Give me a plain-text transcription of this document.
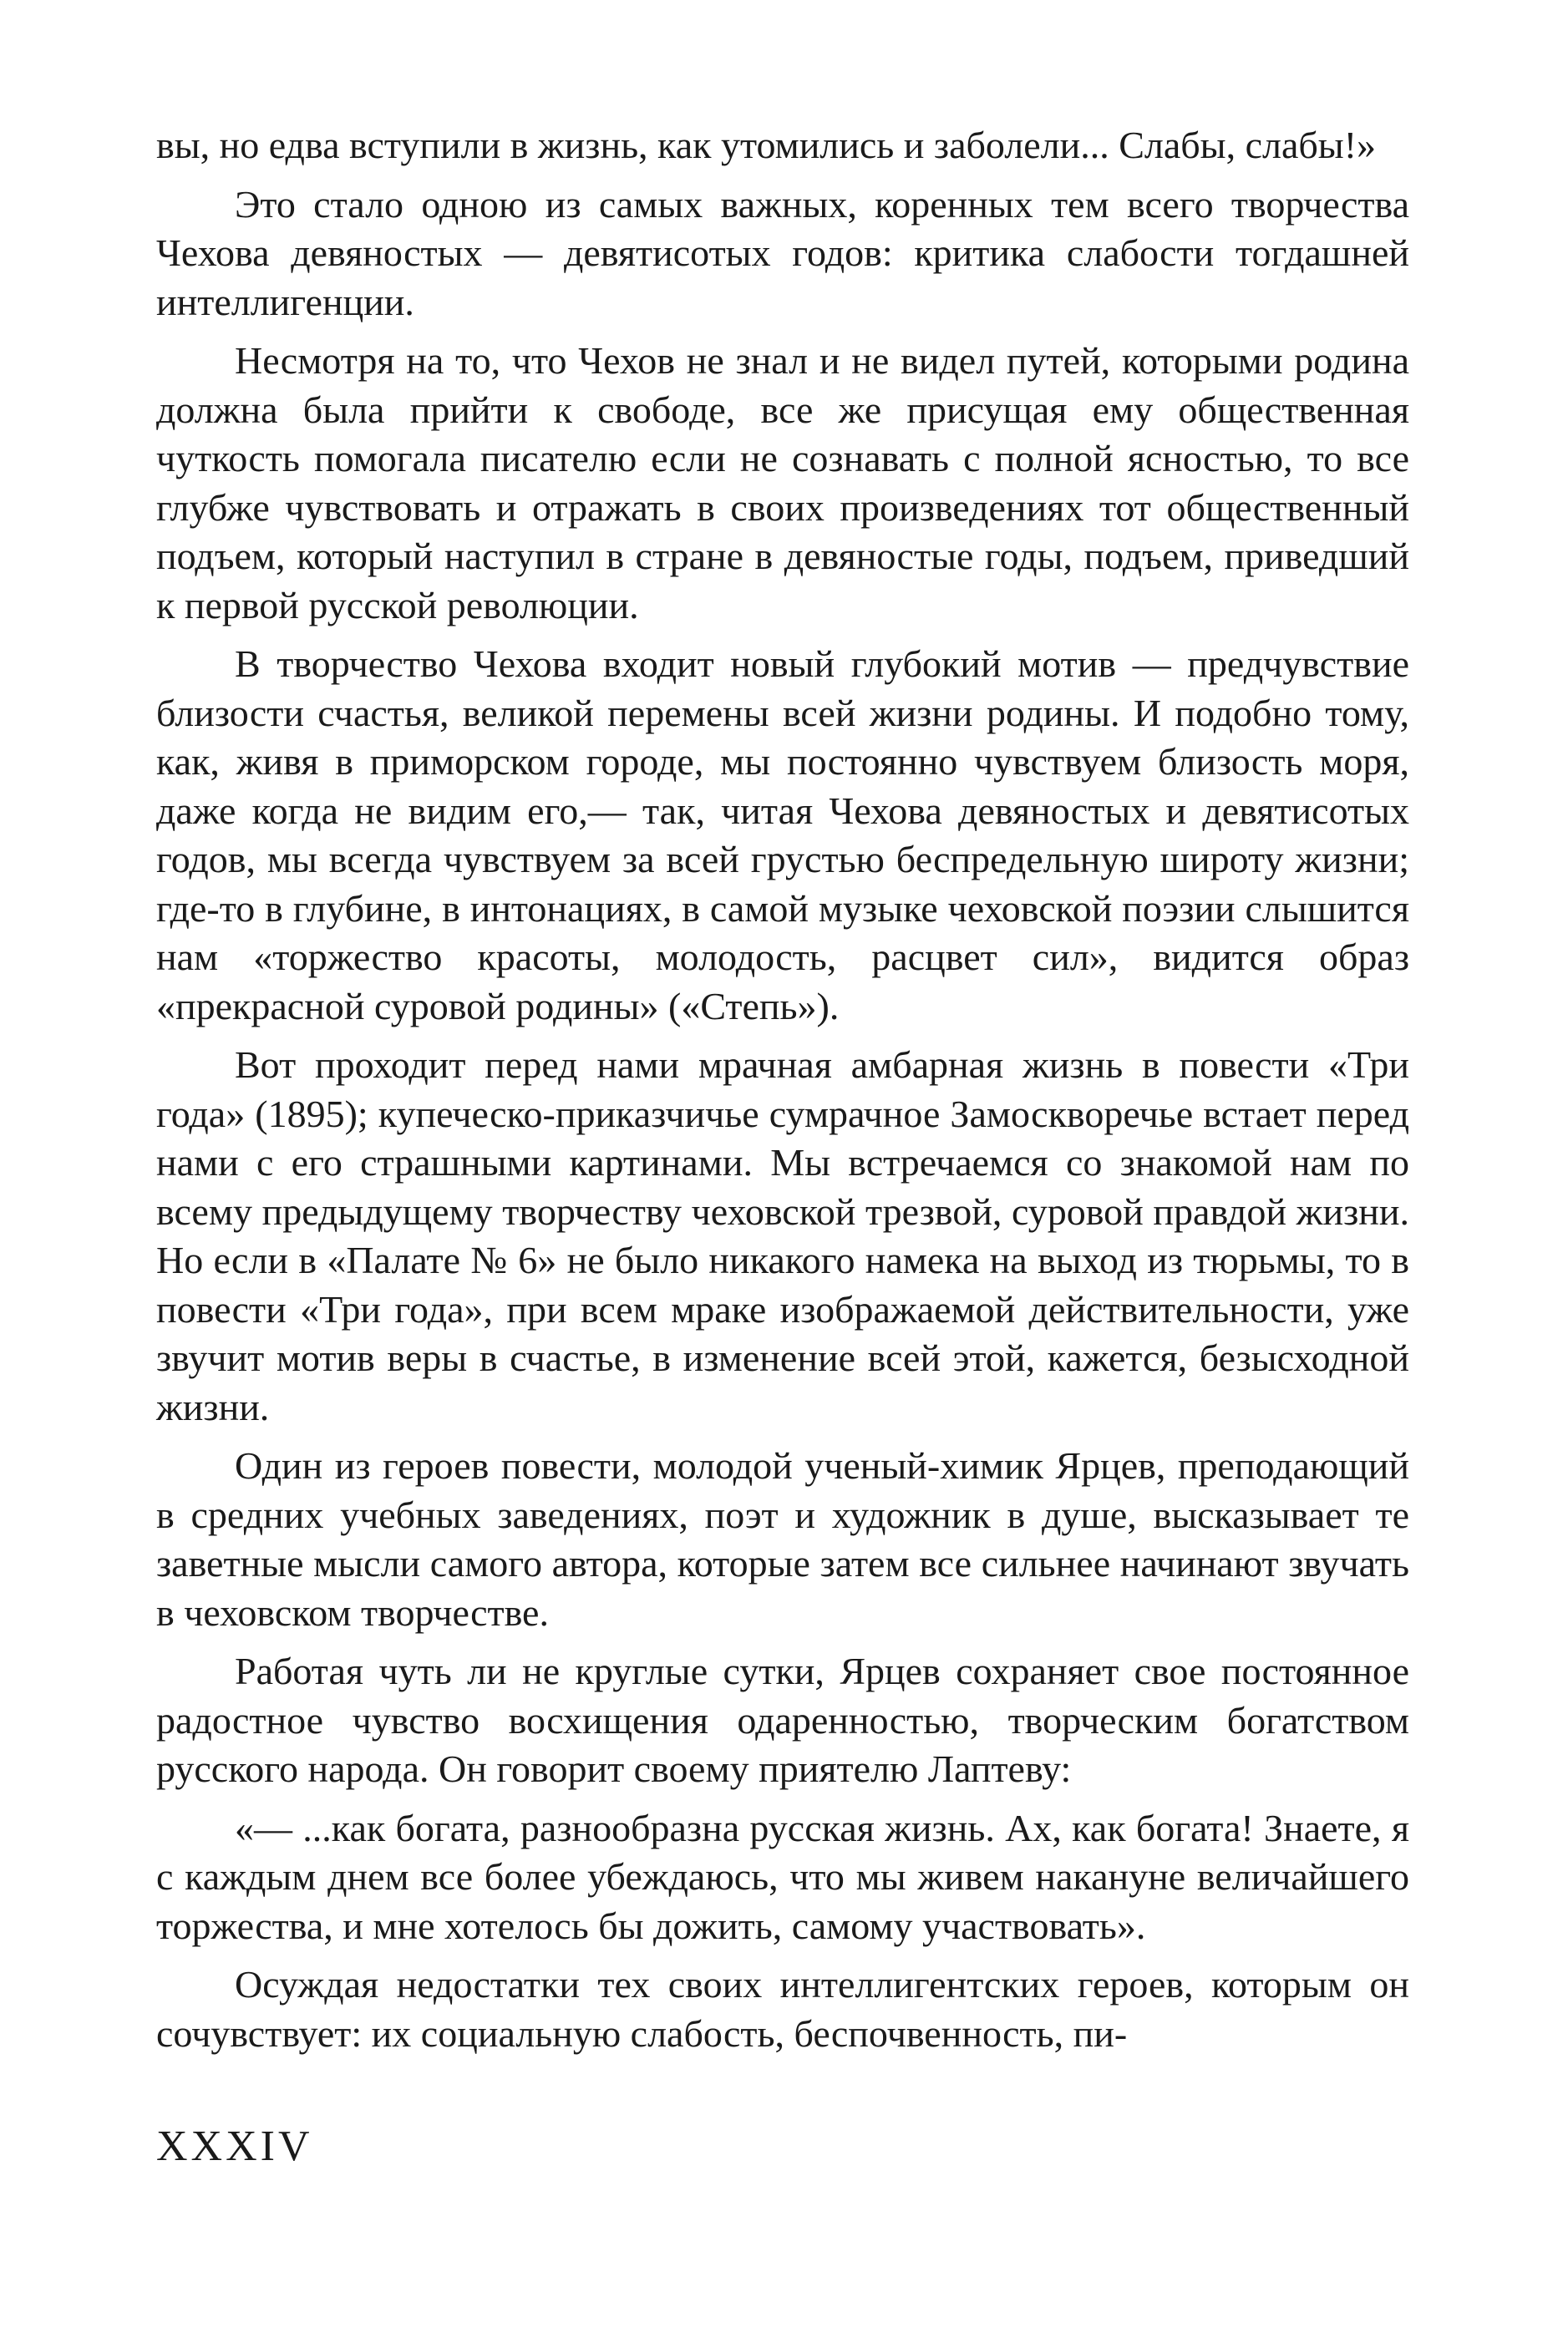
вы, но едва вступили в жизнь, как утомились и заболели... Слабы, слабы!»

Это стало одною из самых важных, коренных тем всего творчества Чехова девяностых — девятисотых годов: критика слабости тогдашней интеллигенции.

Несмотря на то, что Чехов не знал и не видел путей, которыми родина должна была прийти к свободе, все же присущая ему общественная чуткость помогала писателю если не сознавать с полной ясностью, то все глубже чувствовать и отражать в своих произведениях тот общественный подъем, который наступил в стране в девяностые годы, подъем, приведший к первой русской революции.

В творчество Чехова входит новый глубокий мотив — предчувствие близости счастья, великой перемены всей жизни родины. И подобно тому, как, живя в приморском городе, мы постоянно чувствуем близость моря, даже когда не видим его,— так, читая Чехова девяностых и девятисотых годов, мы всегда чувствуем за всей грустью беспредельную широту жизни; где-то в глубине, в интонациях, в самой музыке чеховской поэзии слышится нам «торжество красоты, молодость, расцвет сил», видится образ «прекрасной суровой родины» («Степь»).

Вот проходит перед нами мрачная амбарная жизнь в повести «Три года» (1895); купеческо-приказчичье сумрачное Замоскворечье встает перед нами с его страшными картинами. Мы встречаемся со знакомой нам по всему предыдущему творчеству чеховской трезвой, суровой правдой жизни. Но если в «Палате № 6» не было никакого намека на выход из тюрьмы, то в повести «Три года», при всем мраке изображаемой действительности, уже звучит мотив веры в счастье, в изменение всей этой, кажется, безысходной жизни.

Один из героев повести, молодой ученый-химик Ярцев, преподающий в средних учебных заведениях, поэт и художник в душе, высказывает те заветные мысли самого автора, которые затем все сильнее начинают звучать в чеховском творчестве.

Работая чуть ли не круглые сутки, Ярцев сохраняет свое постоянное радостное чувство восхищения одаренностью, творческим богатством русского народа. Он говорит своему приятелю Лаптеву:

«— ...как богата, разнообразна русская жизнь. Ах, как богата! Знаете, я с каждым днем все более убеждаюсь, что мы живем накануне величайшего торжества, и мне хотелось бы дожить, самому участвовать».

Осуждая недостатки тех своих интеллигентских героев, которым он сочувствует: их социальную слабость, беспочвенность, пи-

XXXIV
